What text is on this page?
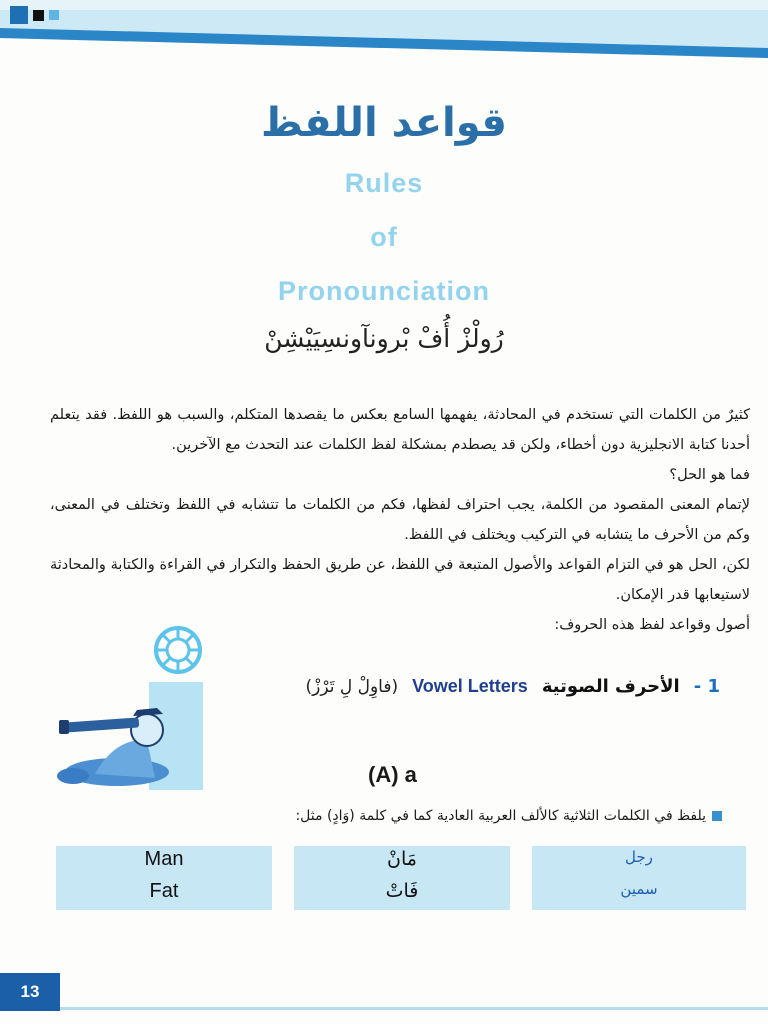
قواعد اللفظ
Rules
of
Pronounciation
رُولْزْ أُفْ بْرونآونسِيَيْشِنْ

كثيرٌ من الكلمات التي تستخدم في المحادثة، يفهمها السامع بعكس ما يقصدها المتكلم، والسبب هو اللفظ. فقد يتعلم أحدنا كتابة الانجليزية دون أخطاء، ولكن قد يصطدم بمشكلة لفظ الكلمات عند التحدث مع الآخرين.

فما هو الحل؟

لإتمام المعنى المقصود من الكلمة، يجب احتراف لفظها، فكم من الكلمات ما تتشابه في اللفظ وتختلف في المعنى، وكم من الأحرف ما يتشابه في التركيب ويختلف في اللفظ.

لكن، الحل هو في التزام القواعد والأصول المتبعة في اللفظ، عن طريق الحفظ والتكرار في القراءة والكتابة والمحادثة لاستيعابها قدر الإمكان.

أصول وقواعد لفظ هذه الحروف:

1 -
الأحرف الصوتية
Vowel Letters
(فاوِلْ لِ تَرْزْ)
(A) a
يلفظ في الكلمات الثلاثية كالألف العربية العادية كما في كلمة (وَادٍ) مثل:
Man
Fat
مَانْ
فَاتْ
رجل
سمين
13
